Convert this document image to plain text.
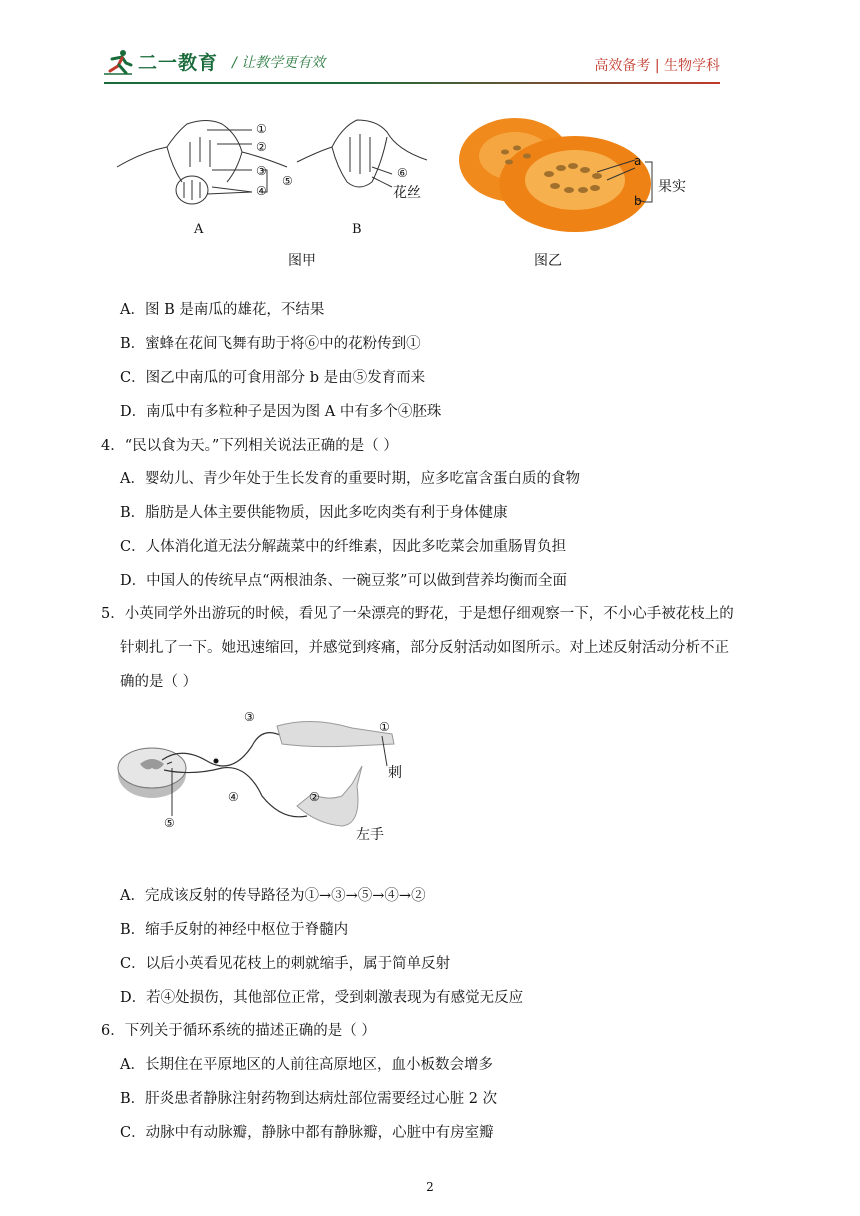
二一教育 / 让教学更有效	高效备考 | 生物学科
①
②
③
④
⑤
A
⑥
花丝
B
a
b
果实
图甲	图乙
A．图 B 是南瓜的雄花，不结果
B．蜜蜂在花间飞舞有助于将⑥中的花粉传到①
C．图乙中南瓜的可食用部分 b 是由⑤发育而来
D．南瓜中有多粒种子是因为图 A 中有多个④胚珠
4．“民以食为天。”下列相关说法正确的是（ ）
A．婴幼儿、青少年处于生长发育的重要时期，应多吃富含蛋白质的食物
B．脂肪是人体主要供能物质，因此多吃肉类有利于身体健康
C．人体消化道无法分解蔬菜中的纤维素，因此多吃菜会加重肠胃负担
D．中国人的传统早点“两根油条、一碗豆浆”可以做到营养均衡而全面
5．小英同学外出游玩的时候，看见了一朵漂亮的野花，于是想仔细观察一下，不小心手被花枝上的
针刺扎了一下。她迅速缩回，并感觉到疼痛，部分反射活动如图所示。对上述反射活动分析不正
确的是（ ）
③
①
刺
②
④
⑤
左手
A．完成该反射的传导路径为①→③→⑤→④→②
B．缩手反射的神经中枢位于脊髓内
C．以后小英看见花枝上的刺就缩手，属于简单反射
D．若④处损伤，其他部位正常，受到刺激表现为有感觉无反应
6．下列关于循环系统的描述正确的是（ ）
A．长期住在平原地区的人前往高原地区，血小板数会增多
B．肝炎患者静脉注射药物到达病灶部位需要经过心脏 2 次
C．动脉中有动脉瓣，静脉中都有静脉瓣，心脏中有房室瓣
2
